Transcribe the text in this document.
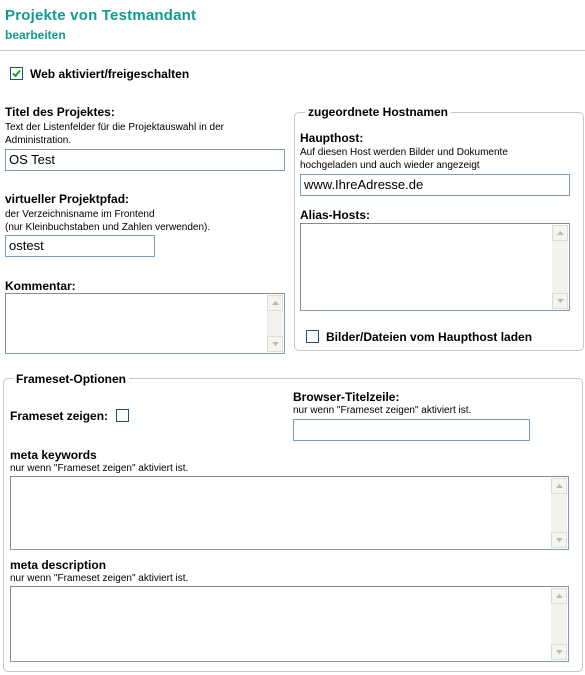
Projekte von Testmandant
bearbeiten
Web aktiviert/freigeschalten
Titel des Projektes:
Text der Listenfelder für die Projektauswahl in der
Administration.
OS Test
virtueller Projektpfad:
der Verzeichnisname im Frontend
(nur Kleinbuchstaben und Zahlen verwenden).
ostest
Kommentar:
zugeordnete Hostnamen
Haupthost:
Auf diesen Host werden Bilder und Dokumente
hochgeladen und auch wieder angezeigt
www.IhreAdresse.de
Alias-Hosts:
Bilder/Dateien vom Haupthost laden
Frameset-Optionen
Frameset zeigen:
Browser-Titelzeile:
nur wenn "Frameset zeigen" aktiviert ist.
meta keywords
nur wenn "Frameset zeigen" aktiviert ist.
meta description
nur wenn "Frameset zeigen" aktiviert ist.
